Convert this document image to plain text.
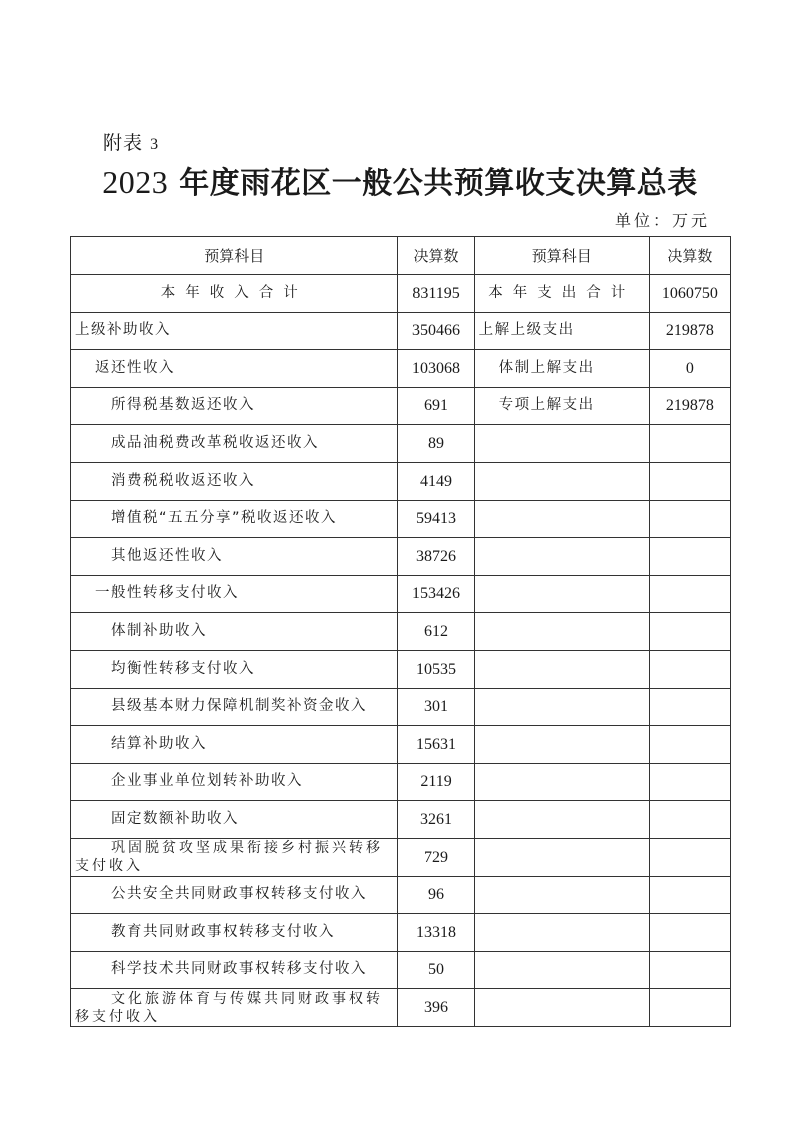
附表 3
2023 年度雨花区一般公共预算收支决算总表
单位：万元
预算科目	决算数	预算科目	决算数
本年收入合计	831195	本年支出合计	1060750
上级补助收入	350466	上解上级支出	219878
返还性收入	103068	体制上解支出	0
所得税基数返还收入	691	专项上解支出	219878
成品油税费改革税收返还收入	89		
消费税税收返还收入	4149		
增值税“五五分享”税收返还收入	59413		
其他返还性收入	38726		
一般性转移支付收入	153426		
体制补助收入	612		
均衡性转移支付收入	10535		
县级基本财力保障机制奖补资金收入	301		
结算补助收入	15631		
企业事业单位划转补助收入	2119		
固定数额补助收入	3261		
巩固脱贫攻坚成果衔接乡村振兴转移支付收入	729		
公共安全共同财政事权转移支付收入	96		
教育共同财政事权转移支付收入	13318		
科学技术共同财政事权转移支付收入	50		
文化旅游体育与传媒共同财政事权转移支付收入	396		
